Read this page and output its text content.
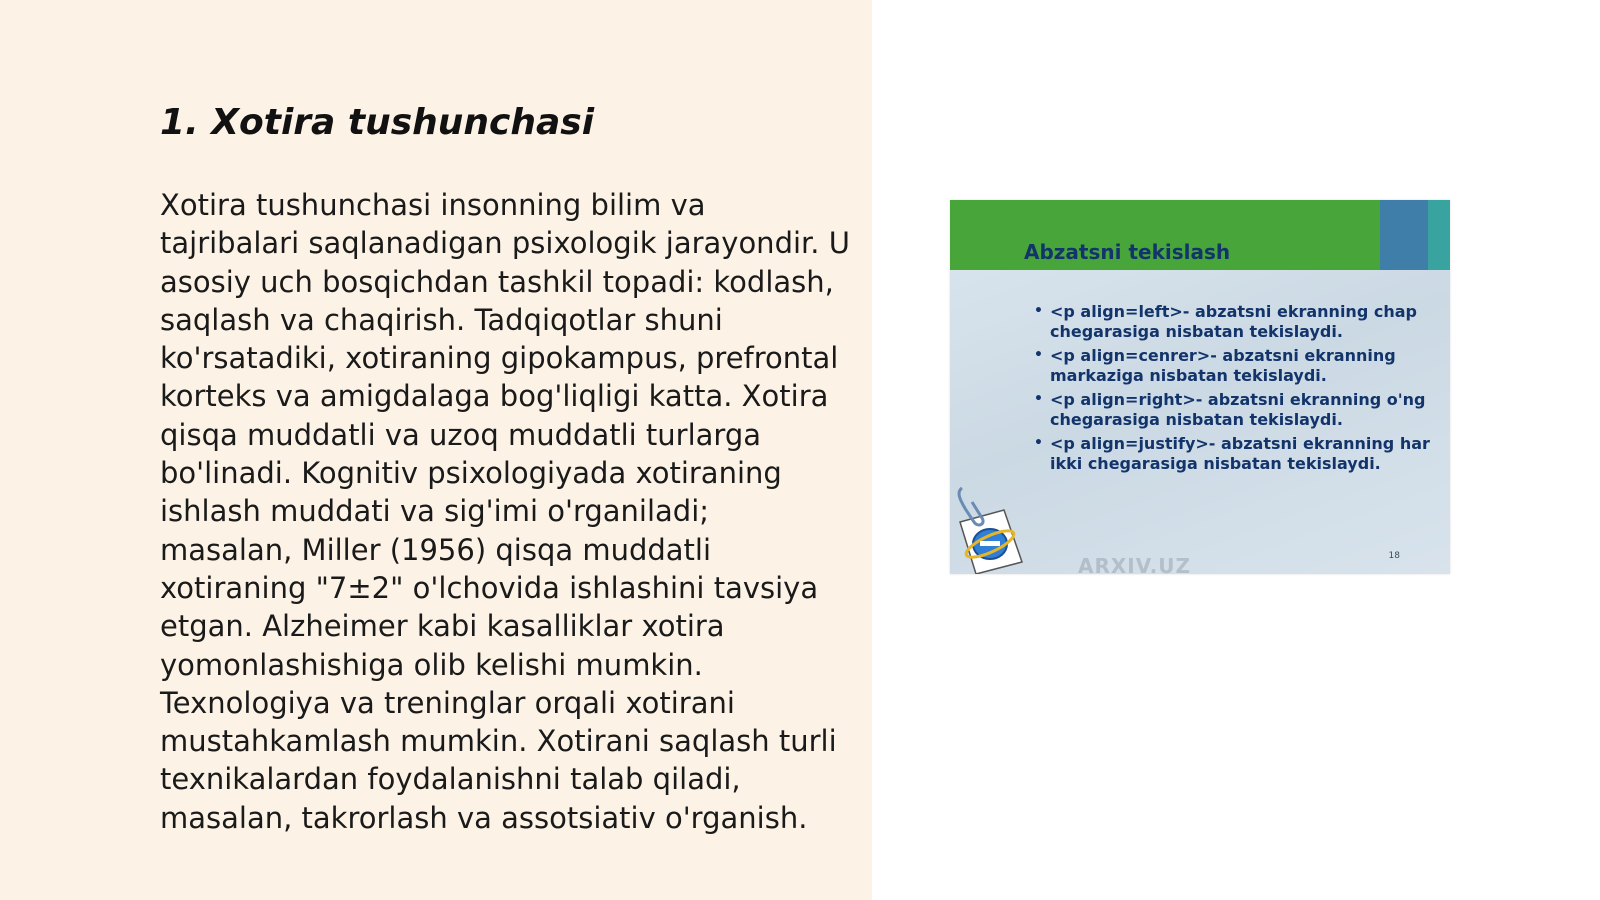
1. Xotira tushunchasi

Xotira tushunchasi insonning bilim va tajribalari saqlanadigan psixologik jarayondir. U asosiy uch bosqichdan tashkil topadi: kodlash, saqlash va chaqirish. Tadqiqotlar shuni ko'rsatadiki, xotiraning gipokampus, prefrontal korteks va amigdalaga bog'liqligi katta. Xotira qisqa muddatli va uzoq muddatli turlarga bo'linadi. Kognitiv psixologiyada xotiraning ishlash muddati va sig'imi o'rganiladi; masalan, Miller (1956) qisqa muddatli xotiraning "7±2" o'lchovida ishlashini tavsiya etgan. Alzheimer kabi kasalliklar xotira yomonlashishiga olib kelishi mumkin. Texnologiya va treninglar orqali xotirani mustahkamlash mumkin. Xotirani saqlash turli texnikalardan foydalanishni talab qiladi, masalan, takrorlash va assotsiativ o'rganish.

Abzatsni tekislash
• <p align=left>- abzatsni ekranning chap chegarasiga nisbatan tekislaydi.
• <p align=cenrer>- abzatsni ekranning markaziga nisbatan tekislaydi.
• <p align=right>- abzatsni ekranning o'ng chegarasiga nisbatan tekislaydi.
• <p align=justify>- abzatsni ekranning har ikki chegarasiga nisbatan tekislaydi.
ARXIV.UZ	18
